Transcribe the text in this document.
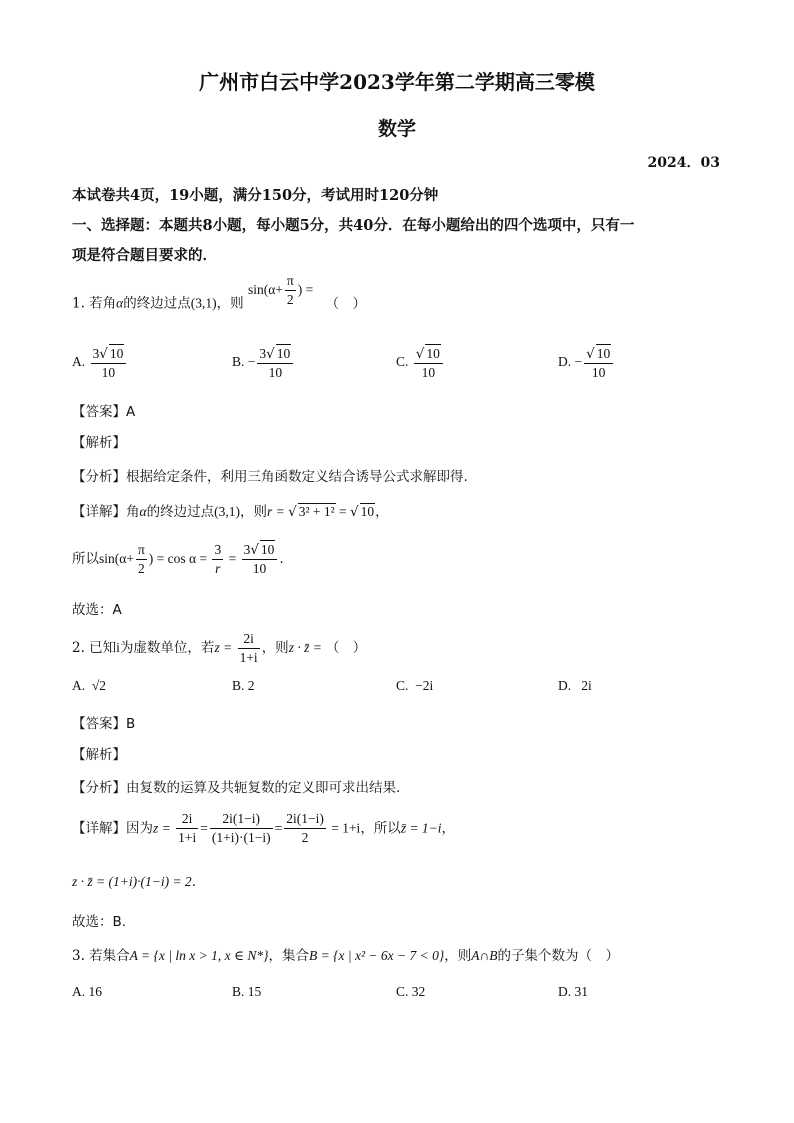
广州市白云中学2023学年第二学期高三零模
数学
2024．03
本试卷共4页，19小题，满分150分，考试用时120分钟
一、选择题：本题共8小题，每小题5分，共40分．在每小题给出的四个选项中，只有一
项是符合题目要求的．
1. 若角α的终边过点(3,1)，则 $\sin(\alpha+ \frac{\pi}{2}$ ) = （　）
A. $\frac{3√ 10}{10}$	B. − $\frac{3√ 10}{10}$	C. $\frac{√ 10}{10}$	D. − $\frac{√ 10}{10}$
【答案】A
【解析】
【分析】根据给定条件，利用三角函数定义结合诱导公式求解即得.
【详解】角α的终边过点(3,1)，则r = √ 3² + 1² = √ 10，
所以$\sin(\alpha+ \frac{\pi}{2}$ ) = $\cos \alpha = \frac{3}{r} = \frac{3√ 10}{10}$ .
故选：A
2. 已知i为虚数单位，若$z = \frac{2i}{1+i}$ ，则z · z̄ = （　）
A. √2	B. 2	C. −2i	D. 2i
【答案】B
【解析】
【分析】由复数的运算及共轭复数的定义即可求出结果.
【详解】因为$z = \frac{2i}{1+i} = \frac{2i(1-i)}{(1+i)\cdot(1-i)} = \frac{2i(1-i)}{2} = 1+i$，所以z̄ = 1−i，
z · z̄ = (1+i)·(1−i) = 2.
故选：B.
3. 若集合A = {x | ln x > 1, x ∈ N*}，集合B = {x | x² − 6x − 7 < 0}，则A∩B的子集个数为（　）
A. 16	B. 15	C. 32	D. 31
